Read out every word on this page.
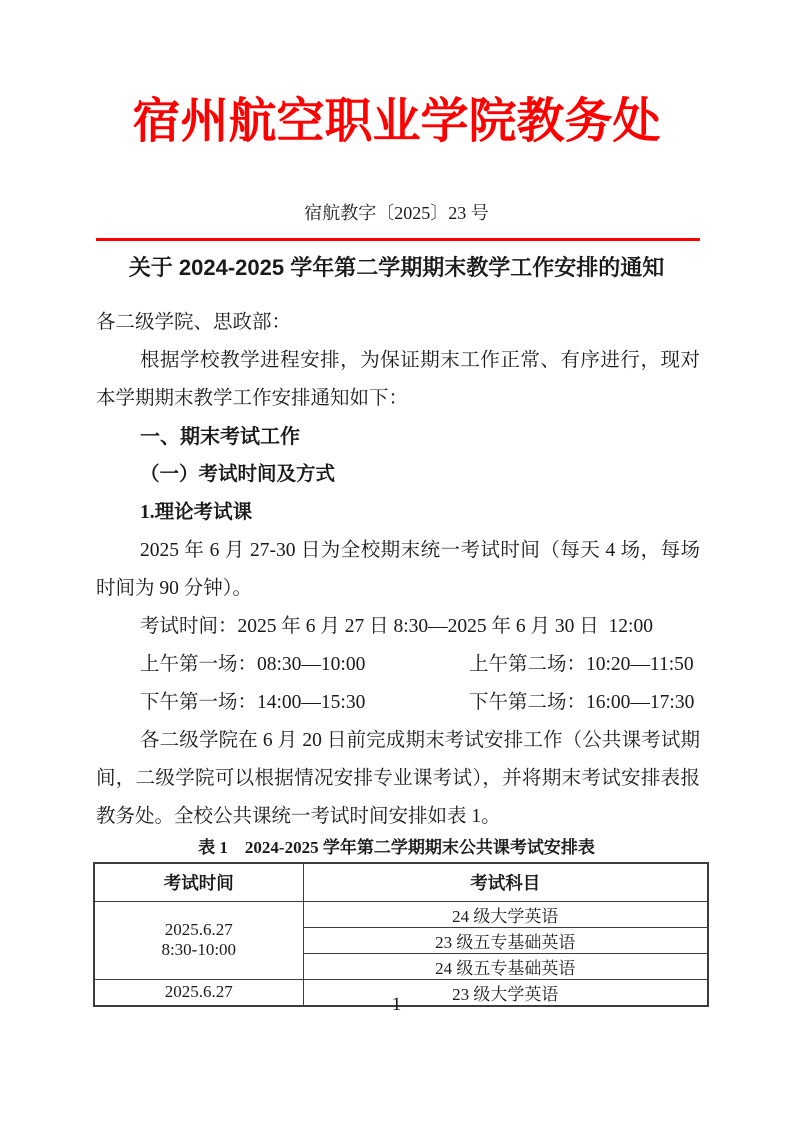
宿州航空职业学院教务处
宿航教字〔2025〕23 号
关于 2024-2025 学年第二学期期末教学工作安排的通知

各二级学院、思政部：

根据学校教学进程安排，为保证期末工作正常、有序进行，现对本学期期末教学工作安排通知如下：

一、期末考试工作
（一）考试时间及方式
1.理论考试课

2025 年 6 月 27-30 日为全校期末统一考试时间（每天 4 场，每场时间为 90 分钟）。

考试时间：2025 年 6 月 27 日 8:30—2025 年 6 月 30 日  12:00

上午第一场：08:30—10:00	上午第二场：10:20—11:50

下午第一场：14:00—15:30	下午第二场：16:00—17:30

各二级学院在 6 月 20 日前完成期末考试安排工作（公共课考试期间，二级学院可以根据情况安排专业课考试），并将期末考试安排表报教务处。全校公共课统一考试时间安排如表 1。

表 1　2024-2025 学年第二学期期末公共课考试安排表
考试时间	考试科目

2025.6.27
8:30-10:00	24 级大学英语
	23 级五专基础英语
	24 级五专基础英语
2025.6.27	23 级大学英语
1
